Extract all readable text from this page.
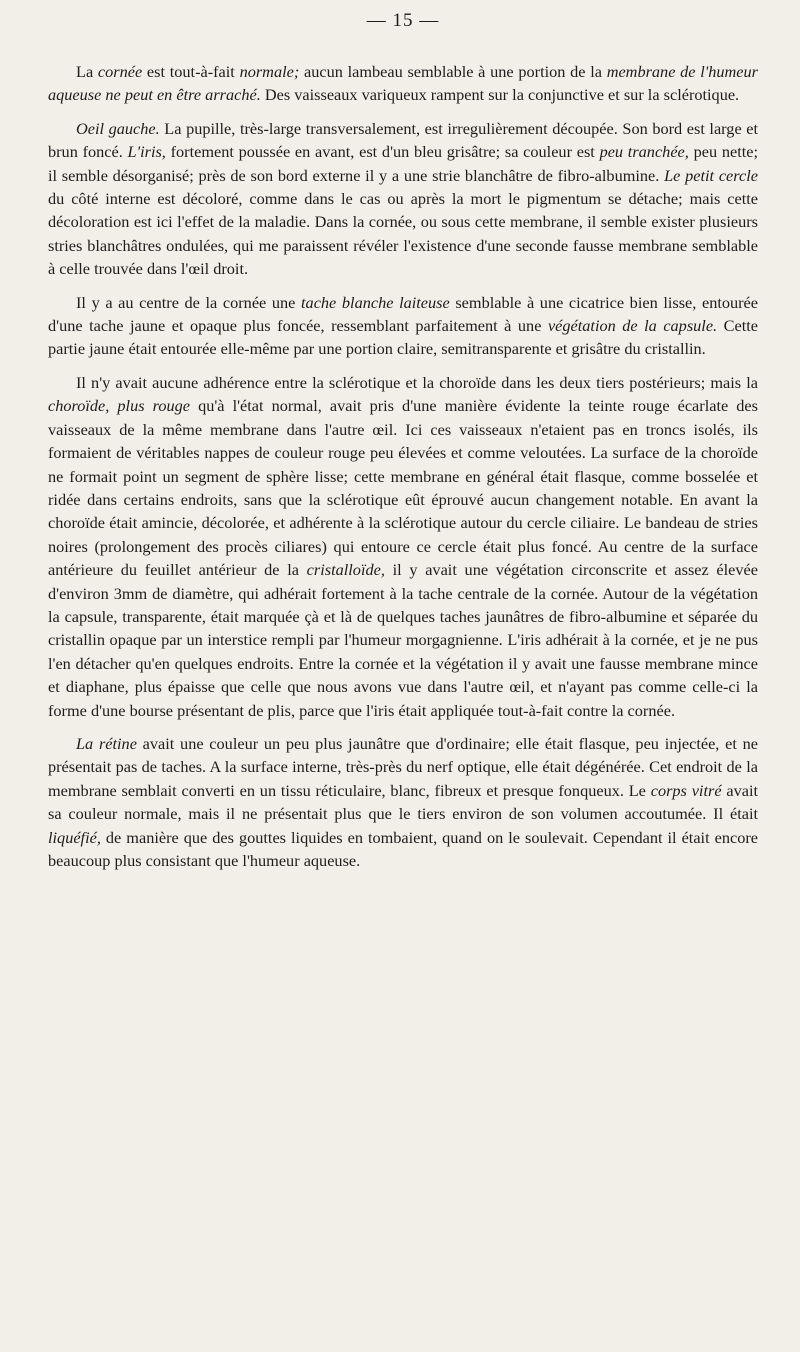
— 15 —

La cornée est tout-à-fait normale; aucun lambeau semblable à une portion de la membrane de l'humeur aqueuse ne peut en être arraché. Des vaisseaux variqueux rampent sur la conjunctive et sur la sclérotique.

Oeil gauche. La pupille, très-large transversalement, est irregulièrement découpée. Son bord est large et brun foncé. L'iris, fortement poussée en avant, est d'un bleu grisâtre; sa couleur est peu tranchée, peu nette; il semble désorganisé; près de son bord externe il y a une strie blanchâtre de fibro-albumine. Le petit cercle du côté interne est décoloré, comme dans le cas ou après la mort le pigmentum se détache; mais cette décoloration est ici l'effet de la maladie. Dans la cornée, ou sous cette membrane, il semble exister plusieurs stries blanchâtres ondulées, qui me paraissent révéler l'existence d'une seconde fausse membrane semblable à celle trouvée dans l'œil droit.

Il y a au centre de la cornée une tache blanche laiteuse semblable à une cicatrice bien lisse, entourée d'une tache jaune et opaque plus foncée, ressemblant parfaitement à une végétation de la capsule. Cette partie jaune était entourée elle-même par une portion claire, semitransparente et grisâtre du cristallin.

Il n'y avait aucune adhérence entre la sclérotique et la choroïde dans les deux tiers postérieurs; mais la choroïde, plus rouge qu'à l'état normal, avait pris d'une manière évidente la teinte rouge écarlate des vaisseaux de la même membrane dans l'autre œil. Ici ces vaisseaux n'etaient pas en troncs isolés, ils formaient de véritables nappes de couleur rouge peu élevées et comme veloutées. La surface de la choroïde ne formait point un segment de sphère lisse; cette membrane en général était flasque, comme bosselée et ridée dans certains endroits, sans que la sclérotique eût éprouvé aucun changement notable. En avant la choroïde était amincie, décolorée, et adhérente à la sclérotique autour du cercle ciliaire. Le bandeau de stries noires (prolongement des procès ciliares) qui entoure ce cercle était plus foncé. Au centre de la surface antérieure du feuillet antérieur de la cristalloïde, il y avait une végétation circonscrite et assez élevée d'environ 3mm de diamètre, qui adhérait fortement à la tache centrale de la cornée. Autour de la végétation la capsule, transparente, était marquée çà et là de quelques taches jaunâtres de fibro-albumine et séparée du cristallin opaque par un interstice rempli par l'humeur morgagnienne. L'iris adhérait à la cornée, et je ne pus l'en détacher qu'en quelques endroits. Entre la cornée et la végétation il y avait une fausse membrane mince et diaphane, plus épaisse que celle que nous avons vue dans l'autre œil, et n'ayant pas comme celle-ci la forme d'une bourse présentant de plis, parce que l'iris était appliquée tout-à-fait contre la cornée.

La rétine avait une couleur un peu plus jaunâtre que d'ordinaire; elle était flasque, peu injectée, et ne présentait pas de taches. A la surface interne, très-près du nerf optique, elle était dégénérée. Cet endroit de la membrane semblait converti en un tissu réticulaire, blanc, fibreux et presque fonqueux. Le corps vitré avait sa couleur normale, mais il ne présentait plus que le tiers environ de son volumen accoutumée. Il était liquéfié, de manière que des gouttes liquides en tombaient, quand on le soulevait. Cependant il était encore beaucoup plus consistant que l'humeur aqueuse.
